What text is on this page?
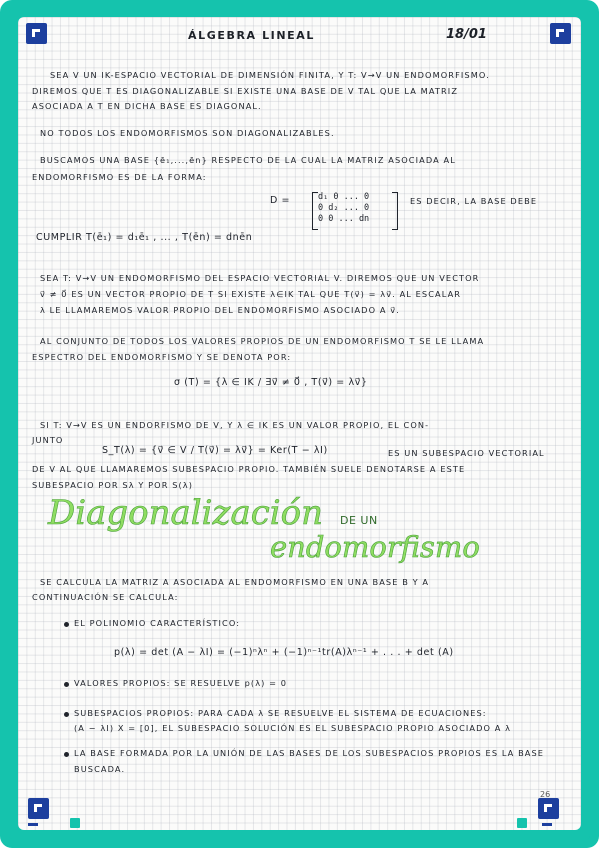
ÁLGEBRA LINEAL	18/01

SEA V UN IK-ESPACIO VECTORIAL DE DIMENSIÓN FINITA, Y T: V→V UN ENDOMORFISMO.

DIREMOS QUE T ES DIAGONALIZABLE SI EXISTE UNA BASE DE V TAL QUE LA MATRIZ

ASOCIADA A T EN DICHA BASE ES DIAGONAL.

NO TODOS LOS ENDOMORFISMOS SON DIAGONALIZABLES.

BUSCAMOS UNA BASE {ē₁,...,ēn} RESPECTO DE LA CUAL LA MATRIZ ASOCIADA AL

ENDOMORFISMO ES DE LA FORMA:

D =	d₁ 0 ... 0
0 d₂ ... 0
0 0 ... dn

ES DECIR, LA BASE DEBE

CUMPLIR T(ē₁) = d₁ē₁ , ... , T(ēn) = dnēn

SEA T: V→V UN ENDOMORFISMO DEL ESPACIO VECTORIAL V. DIREMOS QUE UN VECTOR

v⃗ ≠ 0⃗ ES UN VECTOR PROPIO DE T SI EXISTE λ∈IK TAL QUE T(v⃗) = λv⃗. AL ESCALAR

λ LE LLAMAREMOS VALOR PROPIO DEL ENDOMORFISMO ASOCIADO A v⃗.

AL CONJUNTO DE TODOS LOS VALORES PROPIOS DE UN ENDOMORFISMO T SE LE LLAMA

ESPECTRO DEL ENDOMORFISMO Y SE DENOTA POR:

σ (T) = {λ ∈ IK / ∃v⃗ ≠ 0⃗ , T(v⃗) = λv⃗}

SI T: V→V ES UN ENDORFISMO DE V, Y λ ∈ IK ES UN VALOR PROPIO, EL CON-

JUNTO

S_T(λ) = {v⃗ ∈ V / T(v⃗) = λv⃗} = Ker(T − λI)	ES UN SUBESPACIO VECTORIAL

DE V AL QUE LLAMAREMOS SUBESPACIO PROPIO. TAMBIÉN SUELE DENOTARSE A ESTE

SUBESPACIO POR Sλ Y POR S(λ)

Diagonalización DE UN
endomorfismo

SE CALCULA LA MATRIZ A ASOCIADA AL ENDOMORFISMO EN UNA BASE B Y A

CONTINUACIÓN SE CALCULA:

EL POLINOMIO CARACTERÍSTICO:

p(λ) = det (A − λI) = (−1)ⁿλⁿ + (−1)ⁿ⁻¹tr(A)λⁿ⁻¹ + . . . + det (A)

VALORES PROPIOS: SE RESUELVE p(λ) = 0

SUBESPACIOS PROPIOS: PARA CADA λ SE RESUELVE EL SISTEMA DE ECUACIONES:

(A − λI) X = [0], EL SUBESPACIO SOLUCIÓN ES EL SUBESPACIO PROPIO ASOCIADO A λ

LA BASE FORMADA POR LA UNIÓN DE LAS BASES DE LOS SUBESPACIOS PROPIOS ES LA BASE

BUSCADA.

26
